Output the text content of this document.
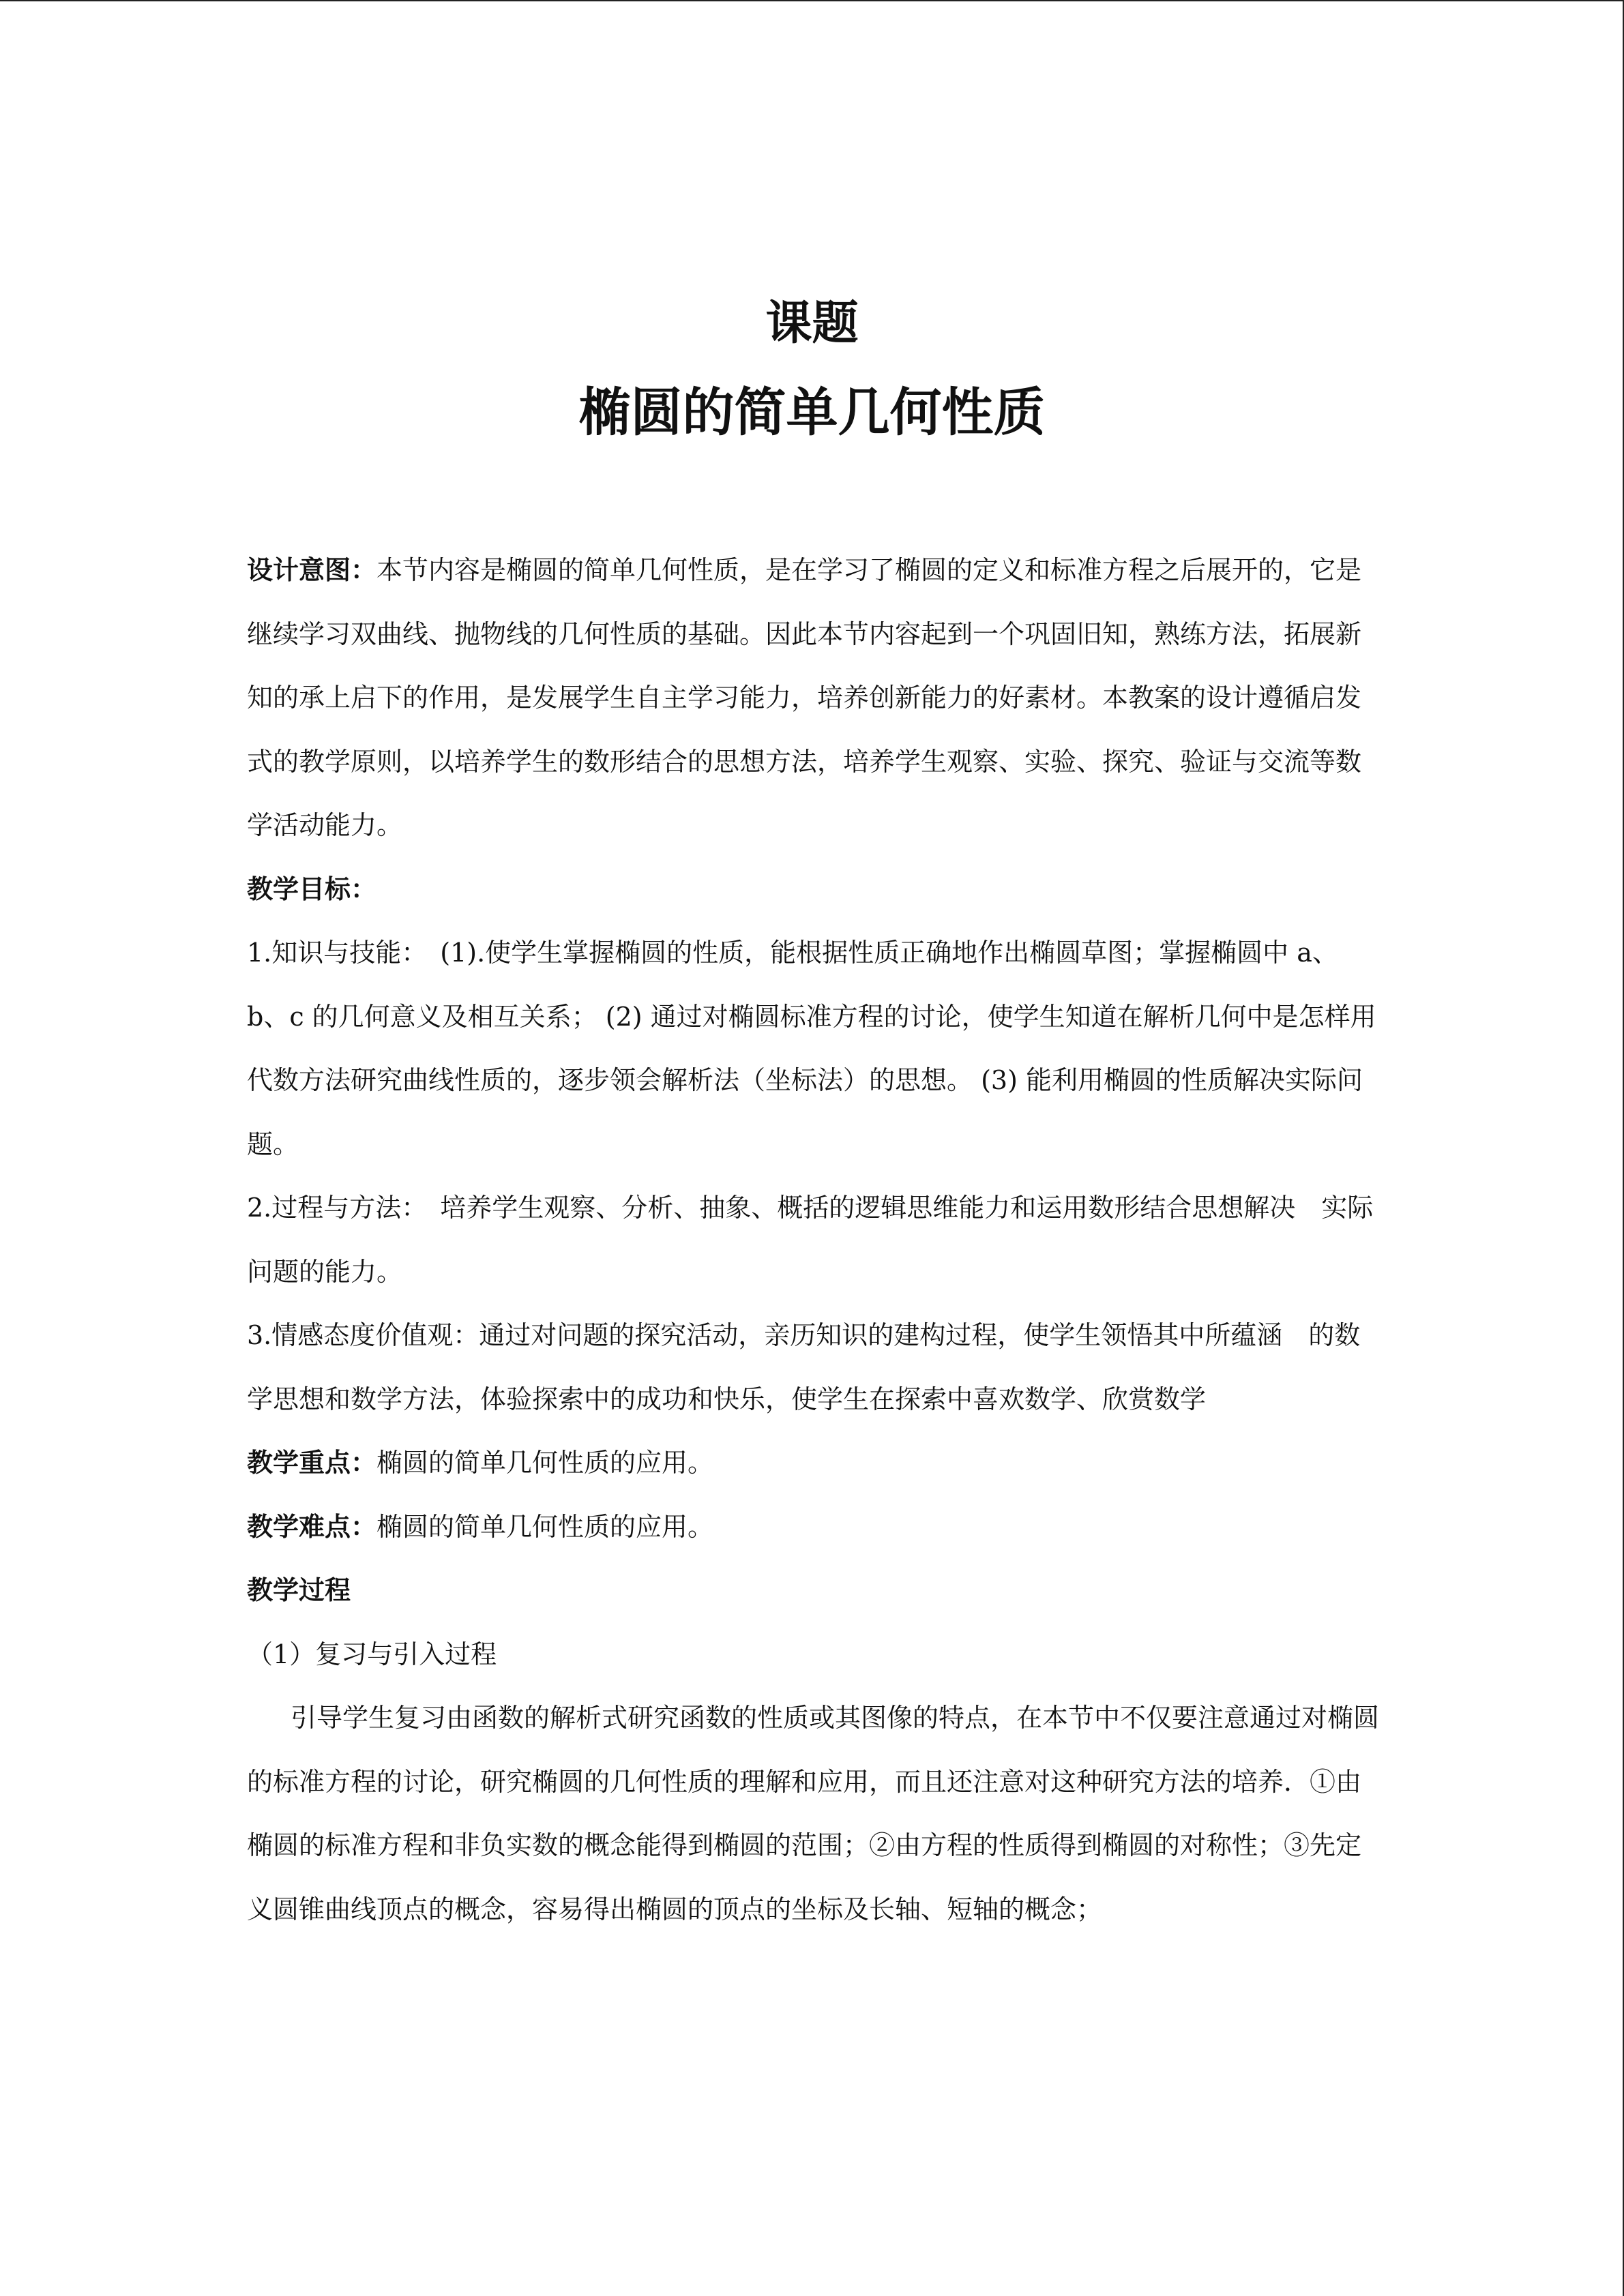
课题

椭圆的简单几何性质

设计意图：本节内容是椭圆的简单几何性质，是在学习了椭圆的定义和标准方程之后展开的，它是继续学习双曲线、抛物线的几何性质的基础。因此本节内容起到一个巩固旧知，熟练方法，拓展新知的承上启下的作用，是发展学生自主学习能力，培养创新能力的好素材。本教案的设计遵循启发式的教学原则，以培养学生的数形结合的思想方法，培养学生观察、实验、探究、验证与交流等数学活动能力。

教学目标：

1.知识与技能：　(1).使学生掌握椭圆的性质，能根据性质正确地作出椭圆草图；掌握椭圆中 a、b、c 的几何意义及相互关系； (2) 通过对椭圆标准方程的讨论，使学生知道在解析几何中是怎样用代数方法研究曲线性质的，逐步领会解析法（坐标法）的思想。 (3) 能利用椭圆的性质解决实际问题。

2.过程与方法：　培养学生观察、分析、抽象、概括的逻辑思维能力和运用数形结合思想解决　实际问题的能力。

3.情感态度价值观：通过对问题的探究活动，亲历知识的建构过程，使学生领悟其中所蕴涵　的数学思想和数学方法，体验探索中的成功和快乐，使学生在探索中喜欢数学、欣赏数学

教学重点：椭圆的简单几何性质的应用。

教学难点：椭圆的简单几何性质的应用。

教学过程

（1）复习与引入过程

引导学生复习由函数的解析式研究函数的性质或其图像的特点，在本节中不仅要注意通过对椭圆的标准方程的讨论，研究椭圆的几何性质的理解和应用，而且还注意对这种研究方法的培养．①由椭圆的标准方程和非负实数的概念能得到椭圆的范围；②由方程的性质得到椭圆的对称性；③先定义圆锥曲线顶点的概念，容易得出椭圆的顶点的坐标及长轴、短轴的概念；
